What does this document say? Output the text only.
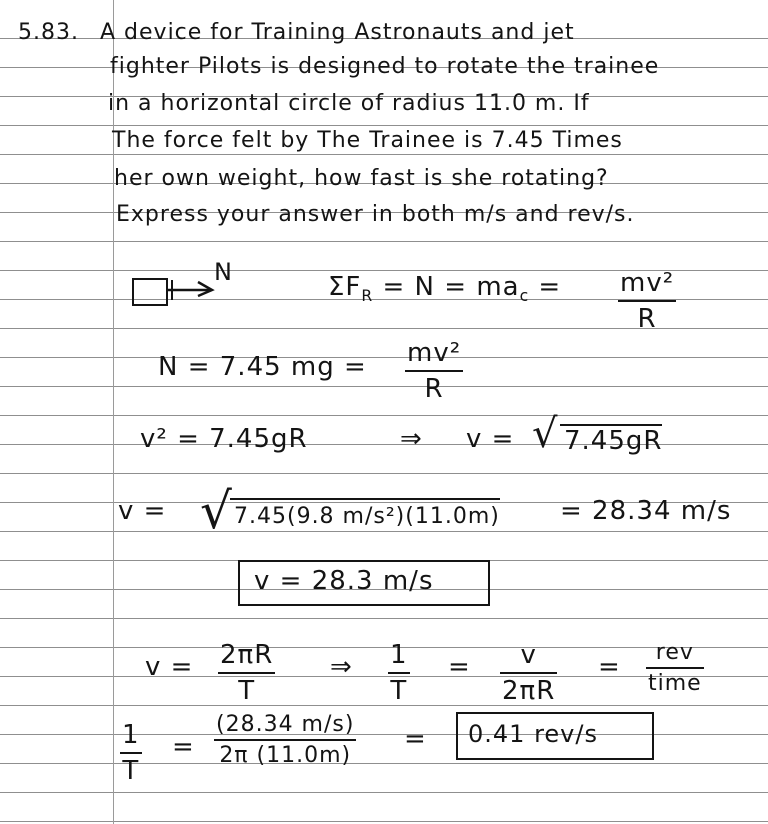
5.83. A device for Training Astronauts and jet
fighter Pilots is designed to rotate the trainee
in a horizontal circle of radius 11.0 m. If
The force felt by The Trainee is 7.45 Times
her own weight, how fast is she rotating?
Express your answer in both m/s and rev/s.
N	$\Sigma F_R = N = ma_c = mv^2$
R
N = 7.45 mg = mv²
R
v² = 7.45gR	⇒ v = √ 7.45gR
v = √ 7.45(9.8 m/s²)(11.0m) = 28.34 m/s
v = 28.3 m/s
v = 2πR
T
⇒ 1
T
=	v
2πR
=	rev
time
1
T
=
(28.34 m/s)
2π (11.0m)
= 0.41 rev/s
